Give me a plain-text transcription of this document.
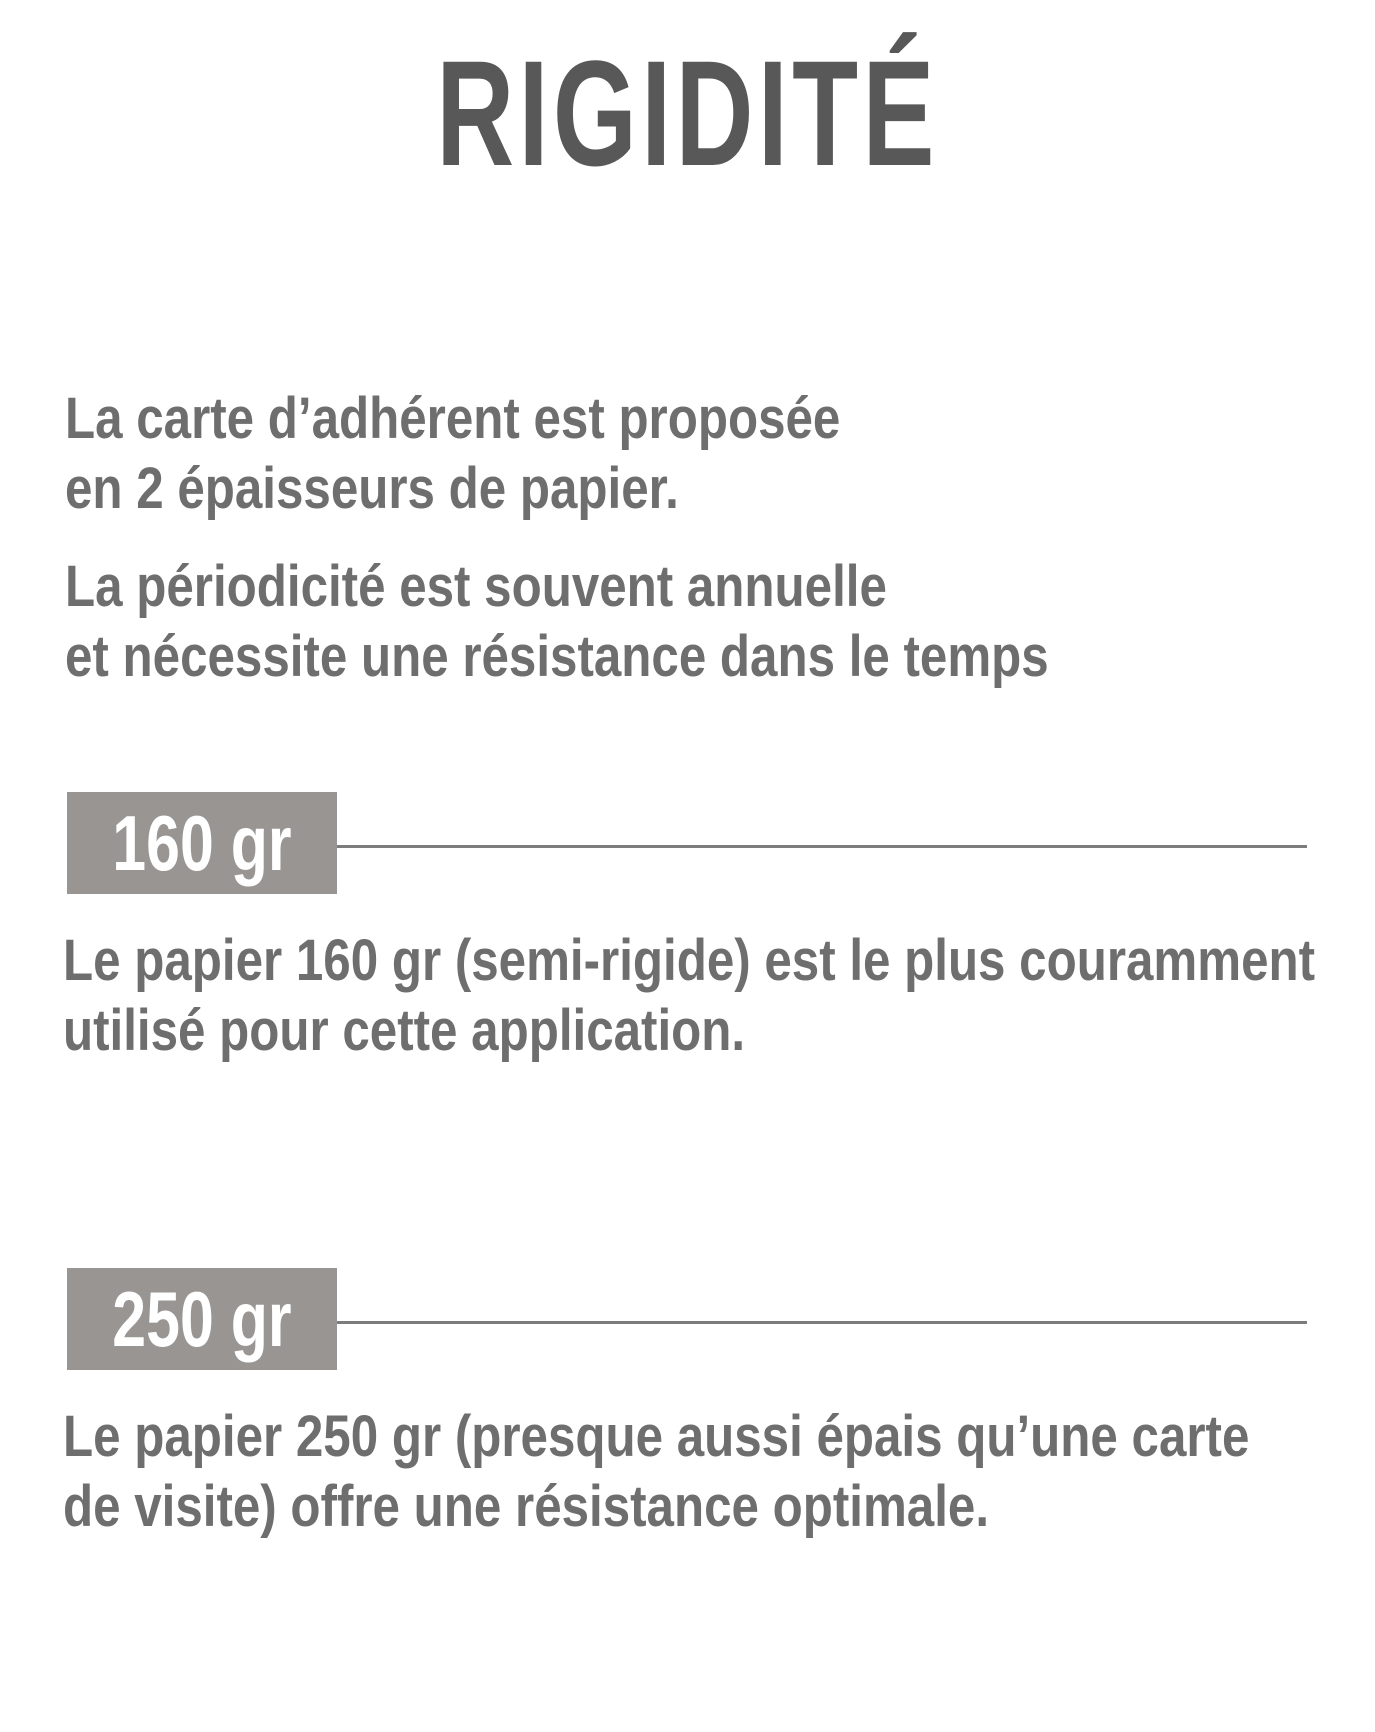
RIGIDITÉ
La carte d’adhérent est proposée
en 2 épaisseurs de papier.
La périodicité est souvent annuelle
et nécessite une résistance dans le temps
160 gr
Le papier 160 gr (semi-rigide) est le plus couramment
utilisé pour cette application.
250 gr
Le papier 250 gr (presque aussi épais qu’une carte
de visite) offre une résistance optimale.
